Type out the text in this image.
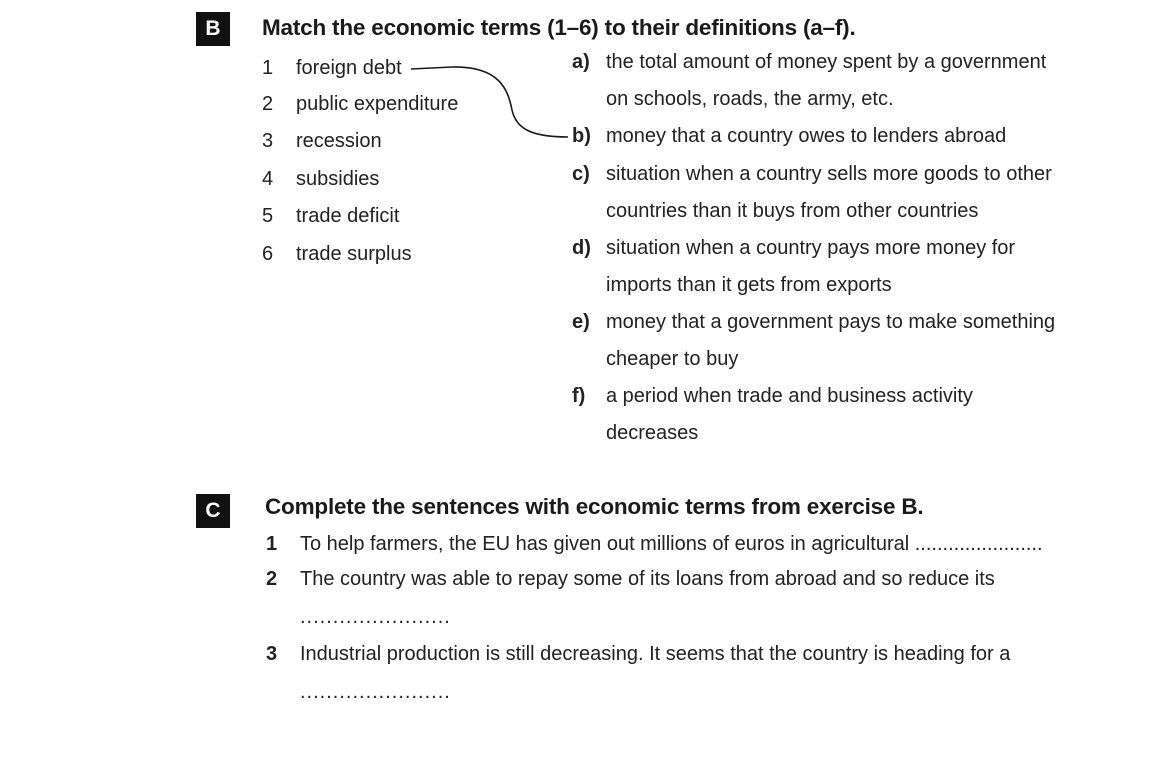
B	Match the economic terms (1–6) to their definitions (a–f).
1 foreign debt
2 public expenditure
3 recession
4 subsidies
5 trade deficit
6 trade surplus
a) the total amount of money spent by a government
on schools, roads, the army, etc.
b) money that a country owes to lenders abroad
c) situation when a country sells more goods to other
countries than it buys from other countries
d) situation when a country pays more money for
imports than it gets from exports
e) money that a government pays to make something
cheaper to buy
f) a period when trade and business activity
decreases
C	Complete the sentences with economic terms from exercise B.
1 To help farmers, the EU has given out millions of euros in agricultural .......................
2 The country was able to repay some of its loans from abroad and so reduce its
.......................
3 Industrial production is still decreasing. It seems that the country is heading for a
.......................
